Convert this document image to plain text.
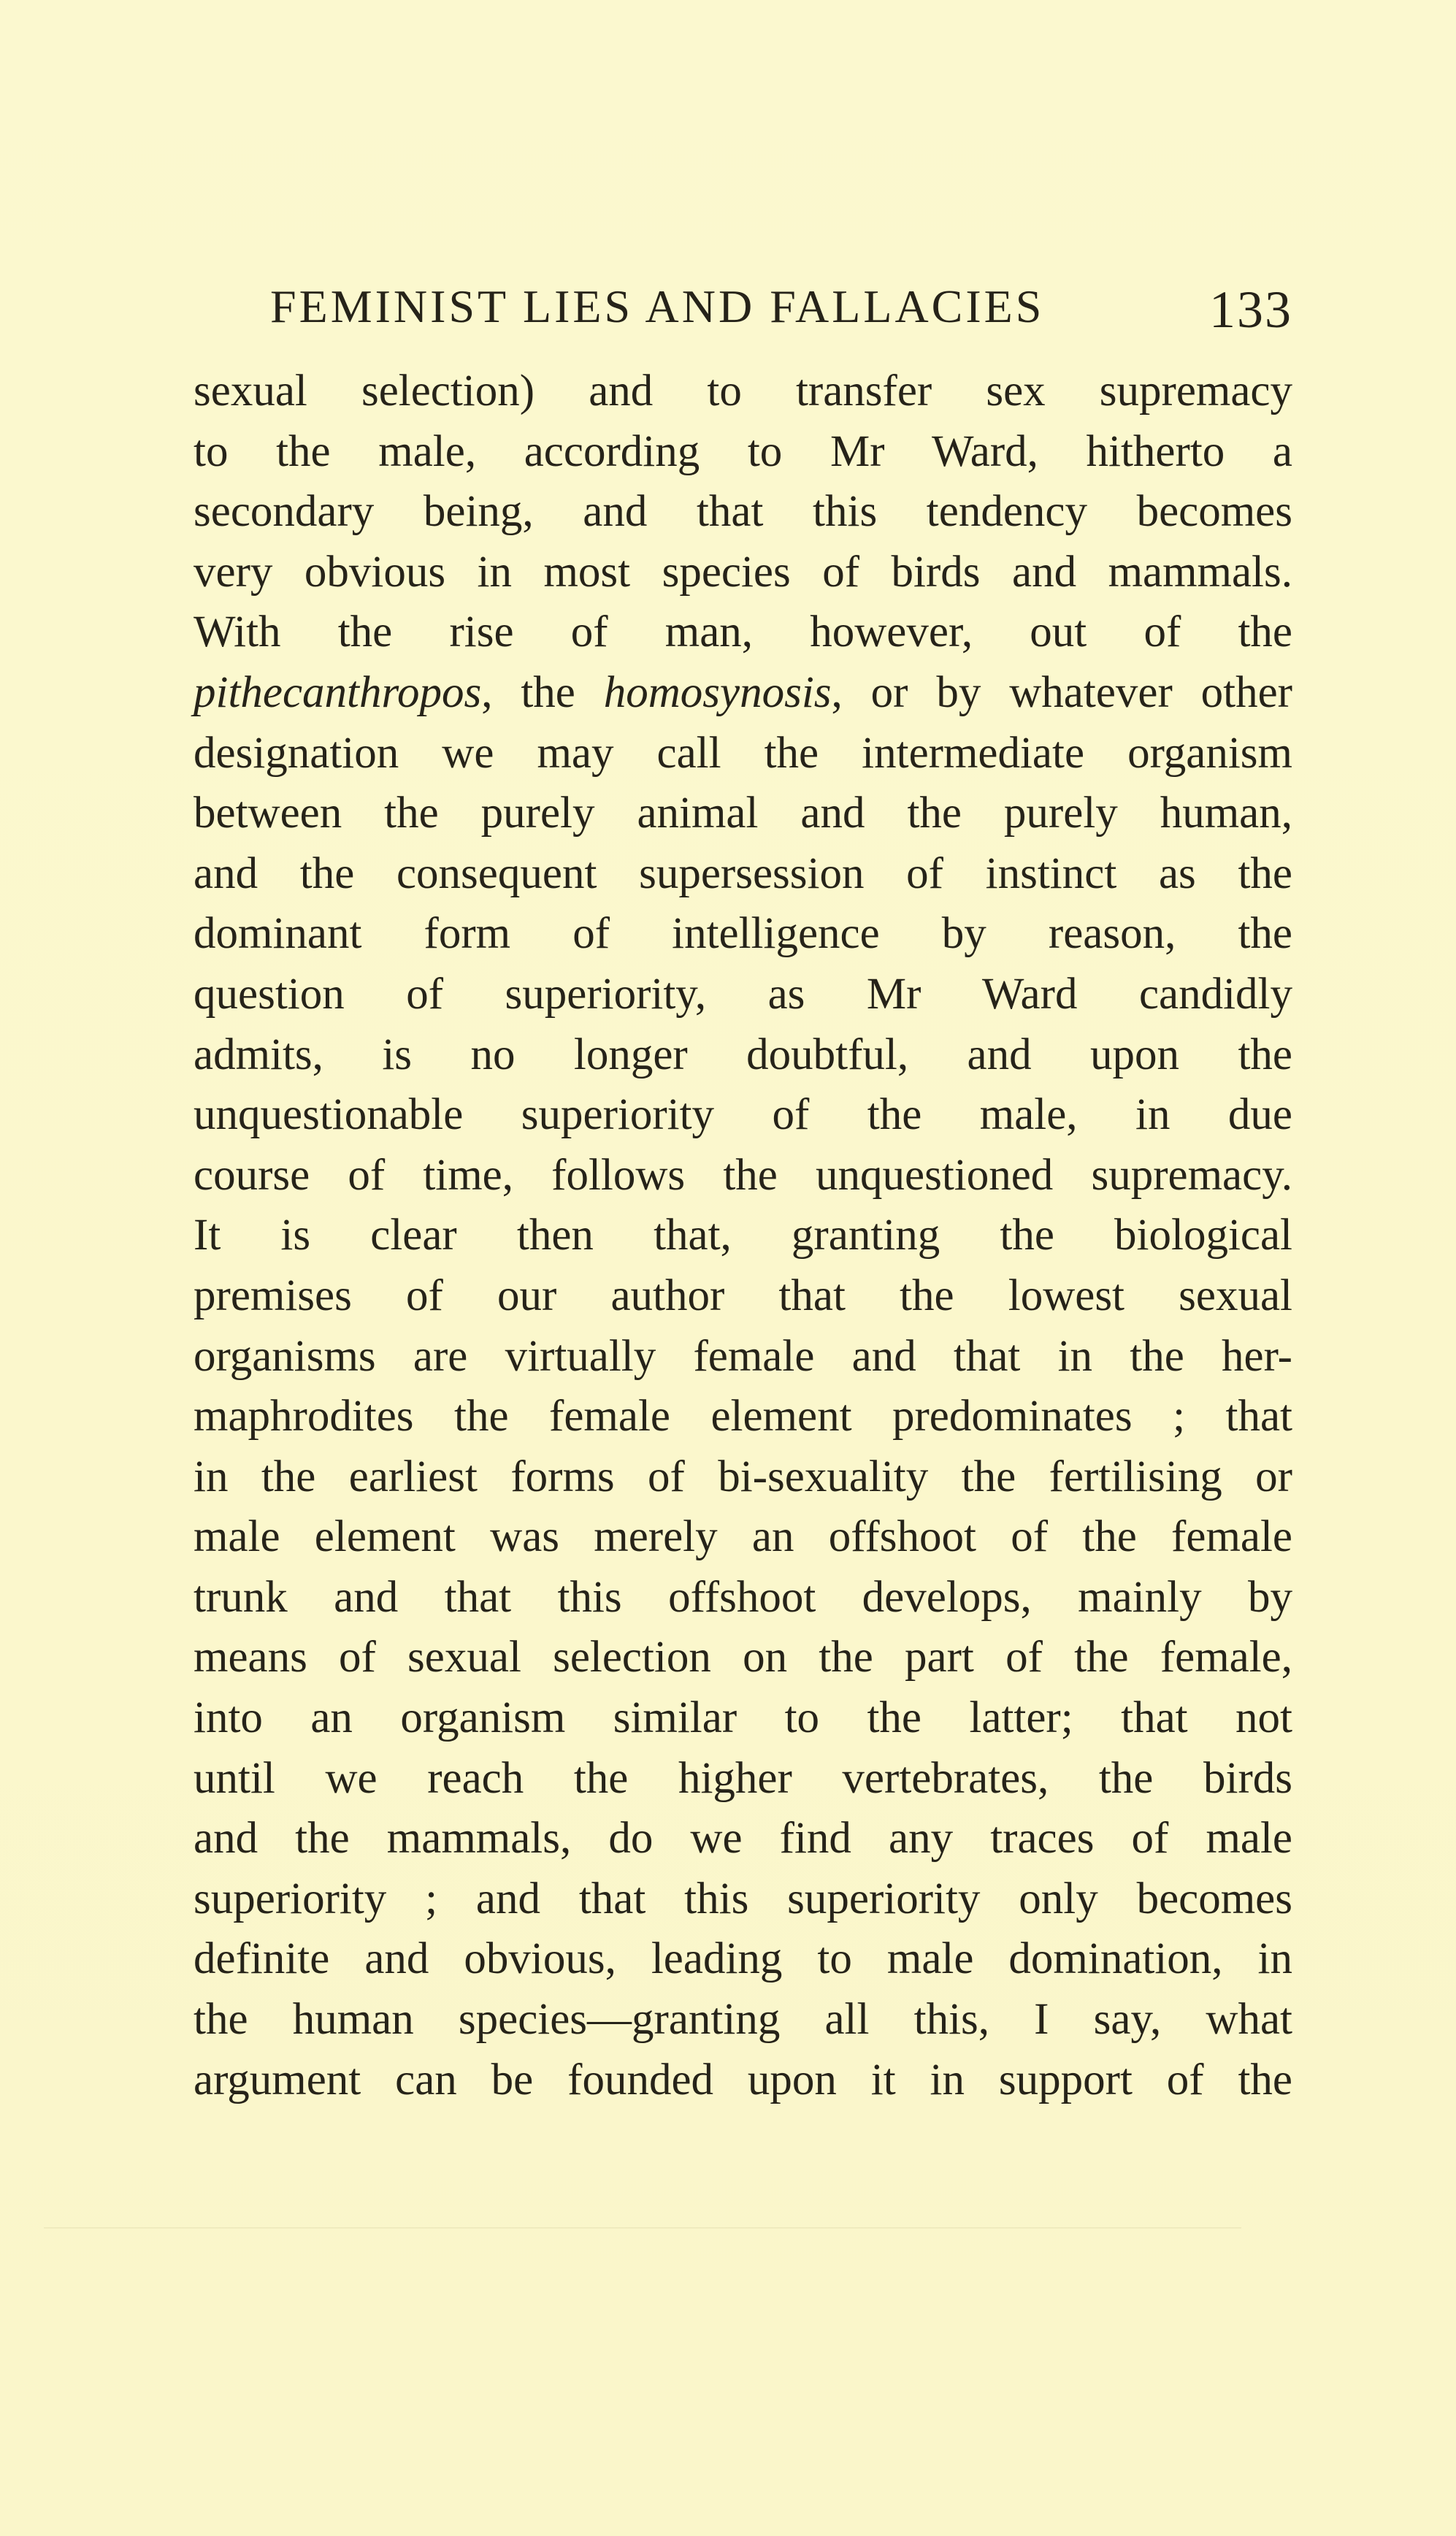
FEMINIST LIES AND FALLACIES	133
sexual selection) and to transfer sex supremacy
to the male, according to Mr Ward, hitherto a
secondary being, and that this tendency becomes
very obvious in most species of birds and mammals.
With the rise of man, however, out of the
pithecanthropos, the homosynosis, or by whatever other
designation we may call the intermediate organism
between the purely animal and the purely human,
and the consequent supersession of instinct as the
dominant form of intelligence by reason, the
question of superiority, as Mr Ward candidly
admits, is no longer doubtful, and upon the
unquestionable superiority of the male, in due
course of time, follows the unquestioned supremacy.
It is clear then that, granting the biological
premises of our author that the lowest sexual
organisms are virtually female and that in the her-
maphrodites the female element predominates ; that
in the earliest forms of bi-sexuality the fertilising or
male element was merely an offshoot of the female
trunk and that this offshoot develops, mainly by
means of sexual selection on the part of the female,
into an organism similar to the latter; that not
until we reach the higher vertebrates, the birds
and the mammals, do we find any traces of male
superiority ; and that this superiority only becomes
definite and obvious, leading to male domination, in
the human species—granting all this, I say, what
argument can be founded upon it in support of the
